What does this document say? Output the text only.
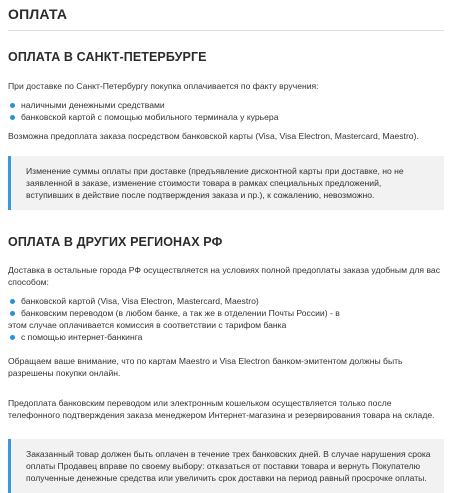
ОПЛАТА
ОПЛАТА В САНКТ-ПЕТЕРБУРГЕ

При доставке по Санкт-Петербургу покупка оплачивается по факту вручения:

наличными денежными средствами
банковской картой с помощью мобильного терминала у курьера

Возможна предоплата заказа посредством банковской карты (Visa, Visa Electron, Mastercard, Maestro).

Изменение суммы оплаты при доставке (предъявление дисконтной карты при доставке, но не

заявленной в заказе, изменение стоимости товара в рамках специальных предложений,

вступивших в действие после подтверждения заказа и пр.), к сожалению, невозможно.

ОПЛАТА В ДРУГИХ РЕГИОНАХ РФ

Доставка в остальные города РФ осуществляется на условиях полной предоплаты заказа удобным для вас

способом:

банковской картой (Visa, Visa Electron, Mastercard, Maestro)
банковским переводом (в любом банке, а так же в отделении Почты России) - в

этом случае оплачивается комиссия в соответствии с тарифом банка

с помощью интернет-банкинга

Обращаем ваше внимание, что по картам Maestro и Visa Electron банком-эмитентом должны быть

разрешены покупки онлайн.

Предоплата банковским переводом или электронным кошельком осуществляется только после

телефонного подтверждения заказа менеджером Интернет-магазина и резервирования товара на складе.

Заказанный товар должен быть оплачен в течение трех банковских дней. В случае нарушения срока

оплаты Продавец вправе по своему выбору: отказаться от поставки товара и вернуть Покупателю

полученные денежные средства или увеличить срок доставки на период равный просрочке оплаты.
